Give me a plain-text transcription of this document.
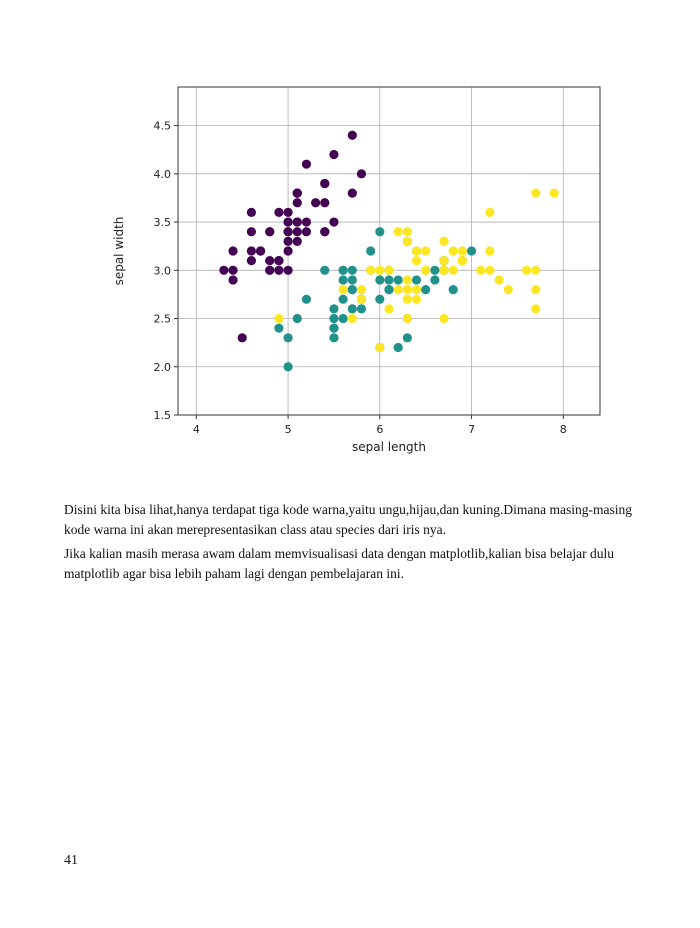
4	5	6	7	8
1.5
2.0
2.5
3.0
3.5
4.0
4.5
sepal length
sepal width

Disini kita bisa lihat,hanya terdapat tiga kode warna,yaitu ungu,hijau,dan kuning.Dimana masing-masing kode warna ini akan merepresentasikan class atau species dari iris nya.

Jika kalian masih merasa awam dalam memvisualisasi data dengan matplotlib,kalian bisa belajar dulu matplotlib agar bisa lebih paham lagi dengan pembelajaran ini.

41
